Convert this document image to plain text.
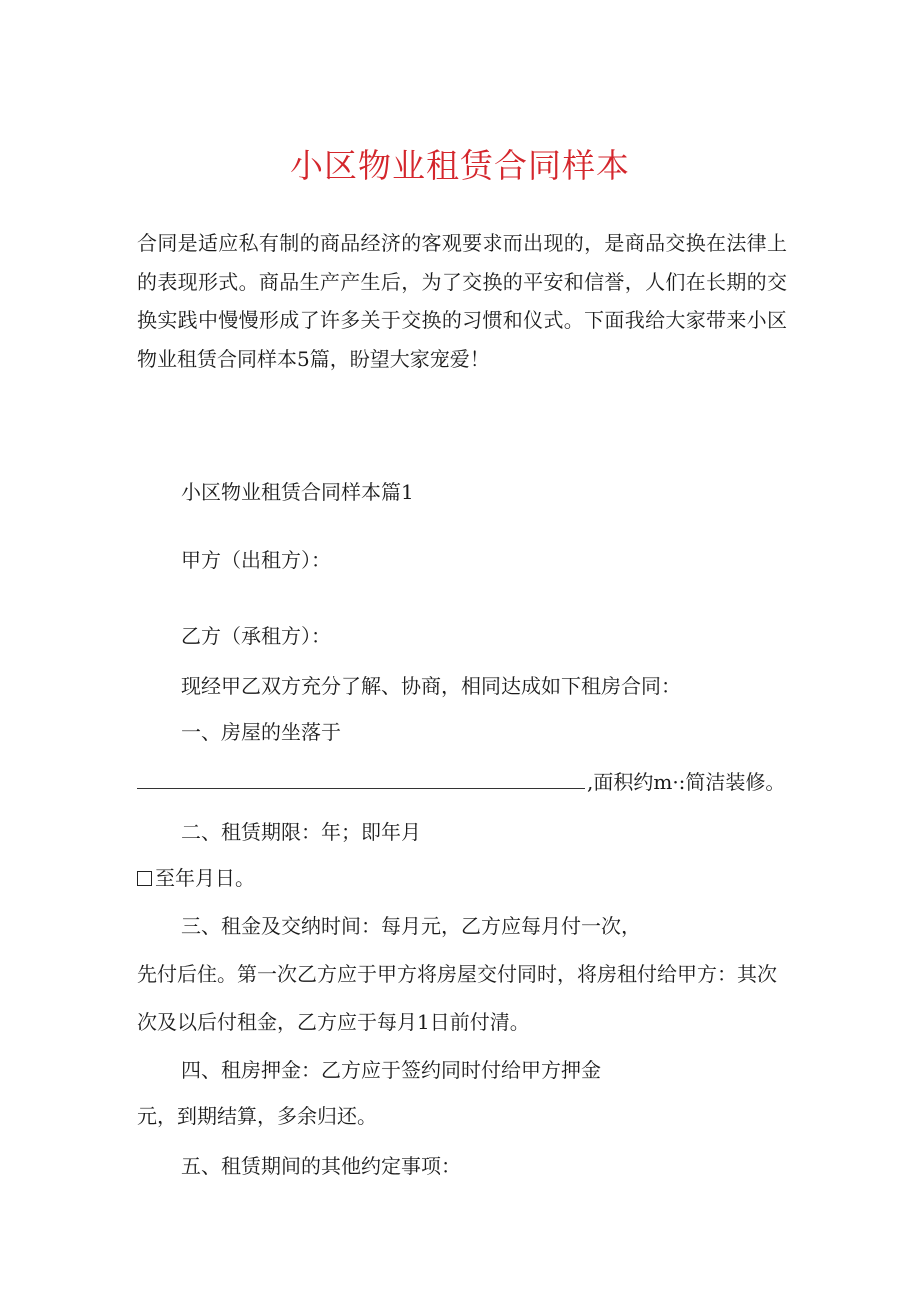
小区物业租赁合同样本

合同是适应私有制的商品经济的客观要求而出现的，是商品交换在法律上的表现形式。商品生产产生后，为了交换的平安和信誉，人们在长期的交换实践中慢慢形成了许多关于交换的习惯和仪式。下面我给大家带来小区物业租赁合同样本5篇，盼望大家宠爱！

小区物业租赁合同样本篇1
甲方（出租方）：
乙方（承租方）：
现经甲乙双方充分了解、协商，相同达成如下租房合同：
一、房屋的坐落于
,面积约m·:简洁装修。
二、租赁期限：年；即年月
至年月日。
三、租金及交纳时间：每月元，乙方应每月付一次，
先付后住。第一次乙方应于甲方将房屋交付同时，将房租付给甲方：其次
次及以后付租金，乙方应于每月1日前付清。
四、租房押金：乙方应于签约同时付给甲方押金
元，到期结算，多余归还。
五、租赁期间的其他约定事项：
